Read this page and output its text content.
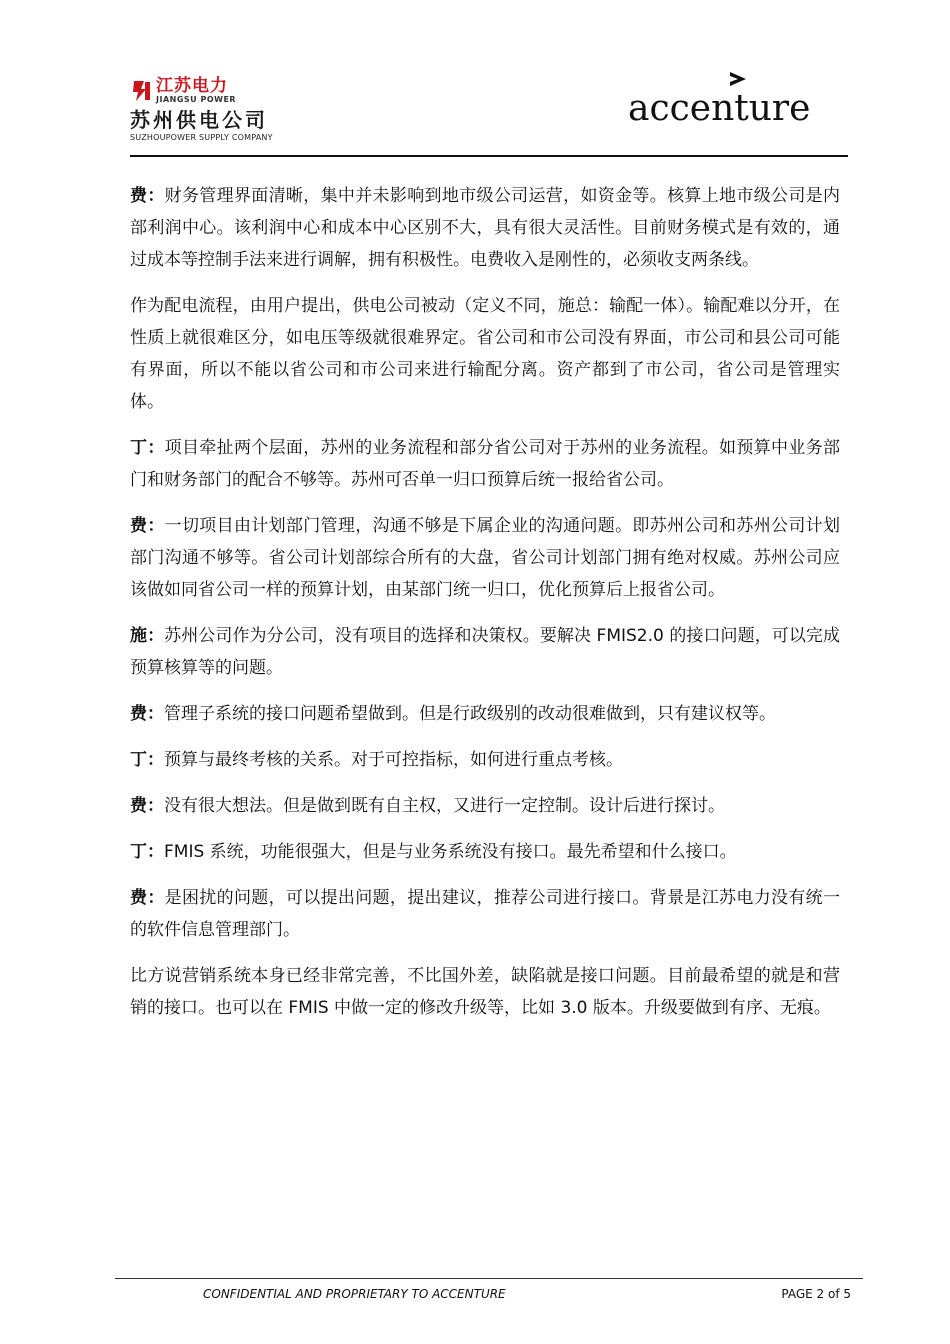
江苏电力
JIANGSU POWER
苏州供电公司
SUZHOUPOWER SUPPLY COMPANY
accenture

费：财务管理界面清晰，集中并未影响到地市级公司运营，如资金等。核算上地市级公司是内部利润中心。该利润中心和成本中心区别不大，具有很大灵活性。目前财务模式是有效的，通过成本等控制手法来进行调解，拥有积极性。电费收入是刚性的，必须收支两条线。

作为配电流程，由用户提出，供电公司被动（定义不同，施总：输配一体）。输配难以分开，在性质上就很难区分，如电压等级就很难界定。省公司和市公司没有界面，市公司和县公司可能有界面，所以不能以省公司和市公司来进行输配分离。资产都到了市公司，省公司是管理实体。

丁：项目牵扯两个层面，苏州的业务流程和部分省公司对于苏州的业务流程。如预算中业务部门和财务部门的配合不够等。苏州可否单一归口预算后统一报给省公司。

费：一切项目由计划部门管理，沟通不够是下属企业的沟通问题。即苏州公司和苏州公司计划部门沟通不够等。省公司计划部综合所有的大盘，省公司计划部门拥有绝对权威。苏州公司应该做如同省公司一样的预算计划，由某部门统一归口，优化预算后上报省公司。

施：苏州公司作为分公司，没有项目的选择和决策权。要解决 FMIS2.0 的接口问题，可以完成预算核算等的问题。

费：管理子系统的接口问题希望做到。但是行政级别的改动很难做到，只有建议权等。

丁：预算与最终考核的关系。对于可控指标，如何进行重点考核。

费：没有很大想法。但是做到既有自主权，又进行一定控制。设计后进行探讨。

丁：FMIS 系统，功能很强大，但是与业务系统没有接口。最先希望和什么接口。

费：是困扰的问题，可以提出问题，提出建议，推荐公司进行接口。背景是江苏电力没有统一的软件信息管理部门。

比方说营销系统本身已经非常完善，不比国外差，缺陷就是接口问题。目前最希望的就是和营销的接口。也可以在 FMIS 中做一定的修改升级等，比如 3.0 版本。升级要做到有序、无痕。

CONFIDENTIAL AND PROPRIETARY TO ACCENTURE	PAGE 2 of 5
